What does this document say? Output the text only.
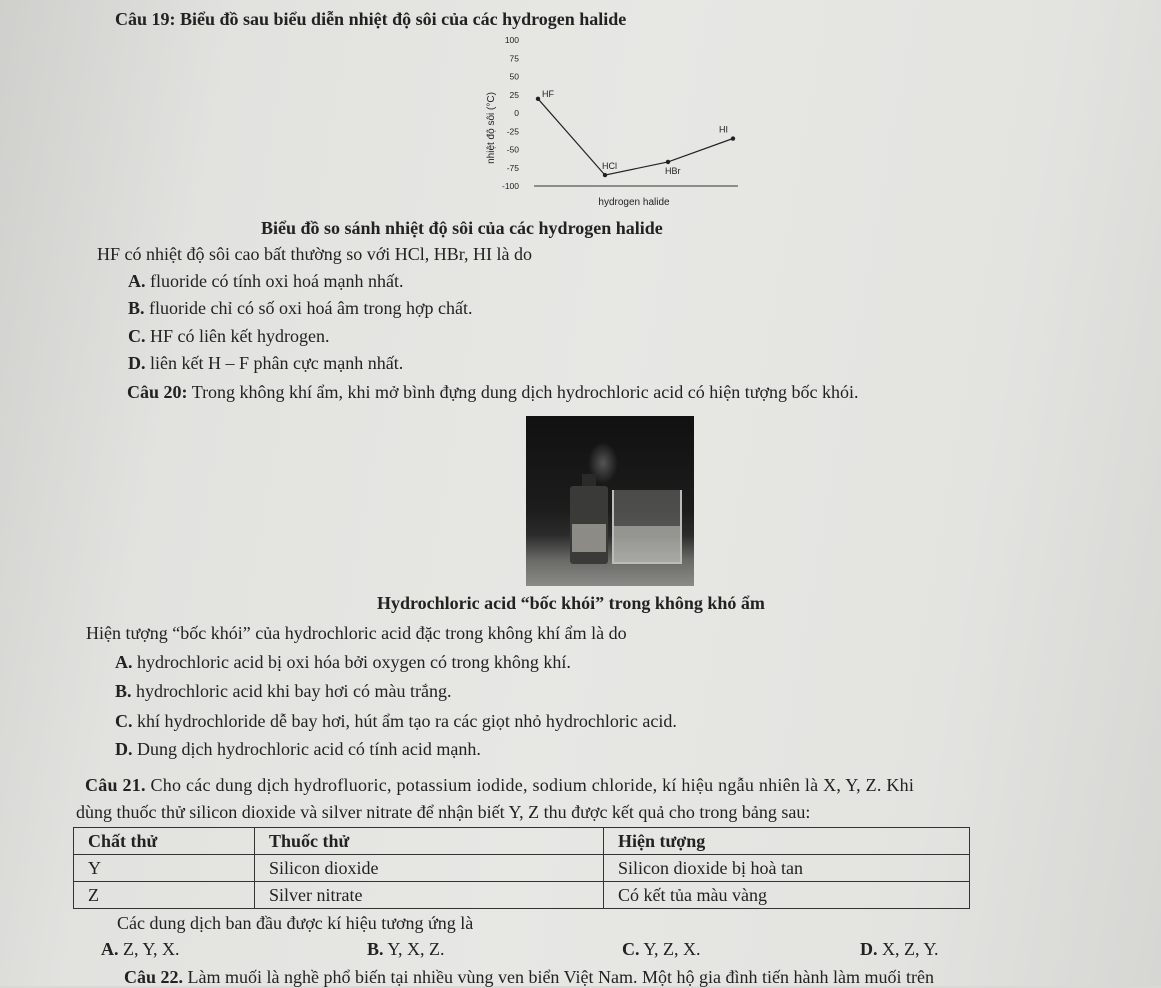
Câu 19: Biểu đồ sau biểu diễn nhiệt độ sôi của các hydrogen halide
100
75
50
25
0
-25
-50
-75
-100
nhiệt độ sôi (°C)	HF
HCl	HBr
HI
hydrogen halide
Biểu đồ so sánh nhiệt độ sôi của các hydrogen halide
HF có nhiệt độ sôi cao bất thường so với HCl, HBr, HI là do
A. fluoride có tính oxi hoá mạnh nhất.
B. fluoride chỉ có số oxi hoá âm trong hợp chất.
C. HF có liên kết hydrogen.
D. liên kết H – F phân cực mạnh nhất.
Câu 20: Trong không khí ẩm, khi mở bình đựng dung dịch hydrochloric acid có hiện tượng bốc khói.
Hydrochloric acid “bốc khói” trong không khó ẩm
Hiện tượng “bốc khói” của hydrochloric acid đặc trong không khí ẩm là do
A. hydrochloric acid bị oxi hóa bởi oxygen có trong không khí.
B. hydrochloric acid khi bay hơi có màu trắng.
C. khí hydrochloride dễ bay hơi, hút ẩm tạo ra các giọt nhỏ hydrochloric acid.
D. Dung dịch hydrochloric acid có tính acid mạnh.
Câu 21. Cho các dung dịch hydrofluoric, potassium iodide, sodium chloride, kí hiệu ngẫu nhiên là X, Y, Z. Khi
dùng thuốc thử silicon dioxide và silver nitrate để nhận biết Y, Z thu được kết quả cho trong bảng sau:
Chất thử	Thuốc thử	Hiện tượng
Y	Silicon dioxide	Silicon dioxide bị hoà tan
Z	Silver nitrate	Có kết tủa màu vàng
Các dung dịch ban đầu được kí hiệu tương ứng là
A. Z, Y, X.	B. Y, X, Z.	C. Y, Z, X.	D. X, Z, Y.
Câu 22. Làm muối là nghề phổ biến tại nhiều vùng ven biển Việt Nam. Một hộ gia đình tiến hành làm muối trên
